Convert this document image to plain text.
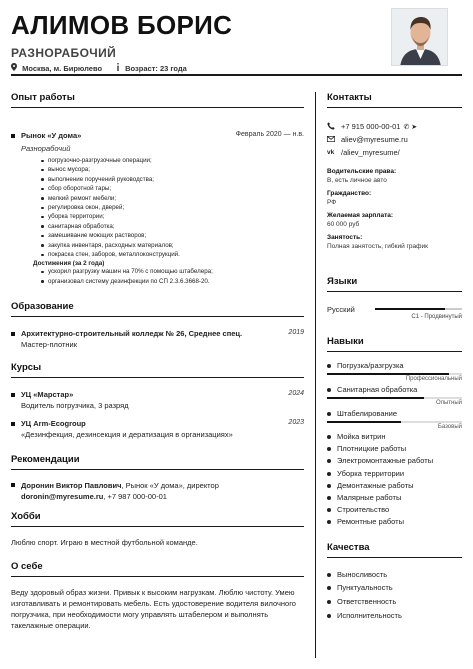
АЛИМОВ БОРИС
РАЗНОРАБОЧИЙ
Москва, м. Бирюлево	Возраст: 23 года
Опыт работы
Рынок «У дома»	Февраль 2020 — н.в.
Разнорабочий
погрузочно-разгрузочные операции;
вынос мусора;
выполнение поручений руководства;
сбор оборотной тары;
мелкий ремонт мебели;
регулировка окон, дверей;
уборка территории;
санитарная обработка;
замешивание моющих растворов;
закупка инвентаря, расходных материалов;
покраска стен, заборов, металлоконструкций.
Достижения (за 2 года)
ускорил разгрузку машин на 70% с помощью штабелера;
организовал систему дезинфекции по СП 2.3.6.3668-20.
Образование
Архитектурно-строительный колледж № 26, Среднее спец.
Мастер-плотник
2019
Курсы
УЦ «Марстар»
Водитель погрузчика, 3 разряд
2024
УЦ Arm-Ecogroup
«Дезинфекция, дезинсекция и дератизация в организациях»
2023
Рекомендации
Доронин Виктор Павлович, Рынок «У дома», директор
doronin@myresume.ru, +7 987 000-00-01
Хобби
Люблю спорт. Играю в местной футбольной команде.
О себе
Веду здоровый образ жизни. Привык к высоким нагрузкам. Люблю чистоту. Умею изготавливать и ремонтировать мебель. Есть удостоверение водителя вилочного погрузчика, при необходимости могу управлять штабелером и выполнять такелажные операции.
Контакты
+7 915 000-00-01 ✆ ➤
aliev@myresume.ru
vk /aliev_myresume/
Водительские права:
В, есть личное авто
Гражданство:
РФ
Желаемая зарплата:
60 000 руб
Занятость:
Полная занятость, гибкий график
Языки
Русский
C1 - Продвинутый
Навыки
Погрузка/разгрузка
Профессиональный
Санитарная обработка
Опытный
Штабелирование
Базовый
Мойка витрин
Плотницкие работы
Электромонтажные работы
Уборка территории
Демонтажные работы
Малярные работы
Строительство
Ремонтные работы
Качества
Выносливость
Пунктуальность
Ответственность
Исполнительность
